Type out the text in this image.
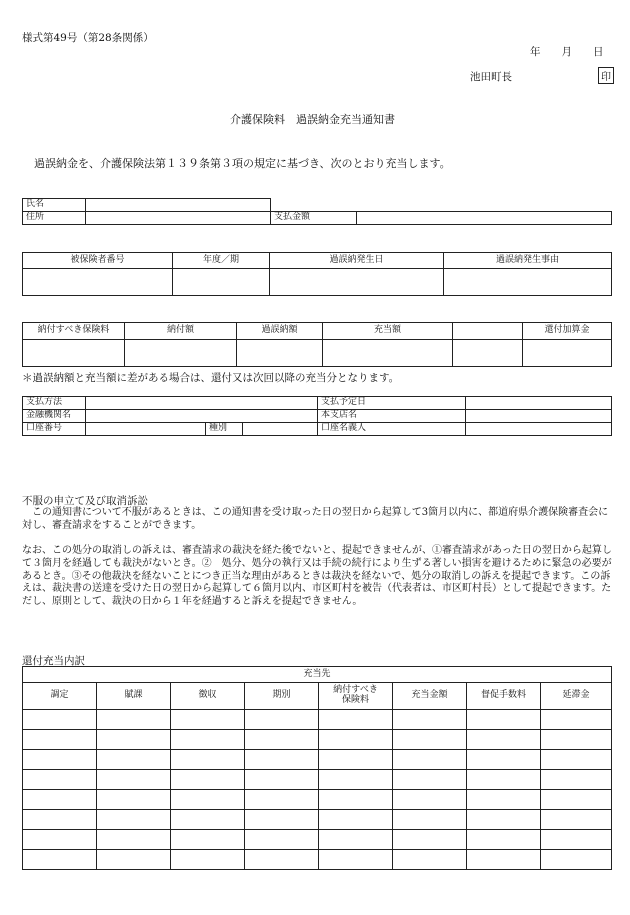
様式第49号（第28条関係）
年　　月　　日
池田町長	印
介護保険料　過誤納金充当通知書
過誤納金を、介護保険法第１３９条第３項の規定に基づき、次のとおり充当します。
氏名			
住所		支払金額	
被保険者番号	年度／期	過誤納発生日	過誤納発生事由

納付すべき保険料	納付額	過誤納額	充当額		還付加算金

＊過誤納額と充当額に差がある場合は、還付又は次回以降の充当分となります。
支払方法				支払予定日	
金融機関名				本支店名	
口座番号		種別		口座名義人	
不服の申立て及び取消訴訟
この通知書について不服があるときは、この通知書を受け取った日の翌日から起算して3箇月以内に、都道府県介護保険審査会に対し、審査請求をすることができます。
なお、この処分の取消しの訴えは、審査請求の裁決を経た後でないと、提起できませんが、①審査請求があった日の翌日から起算して３箇月を経過しても裁決がないとき。②　処分、処分の執行又は手続の続行により生ずる著しい損害を避けるために緊急の必要があるとき。③その他裁決を経ないことにつき正当な理由があるときは裁決を経ないで、処分の取消しの訴えを提起できます。この訴えは、裁決書の送達を受けた日の翌日から起算して６箇月以内、市区町村を被告（代表者は、市区町村長）として提起できます。ただし、原則として、裁決の日から１年を経過すると訴えを提起できません。
還付充当内訳
充当先							
調定	賦課	徴収	期別	納付すべき保険料	充当金額	督促手数料	延滞金
